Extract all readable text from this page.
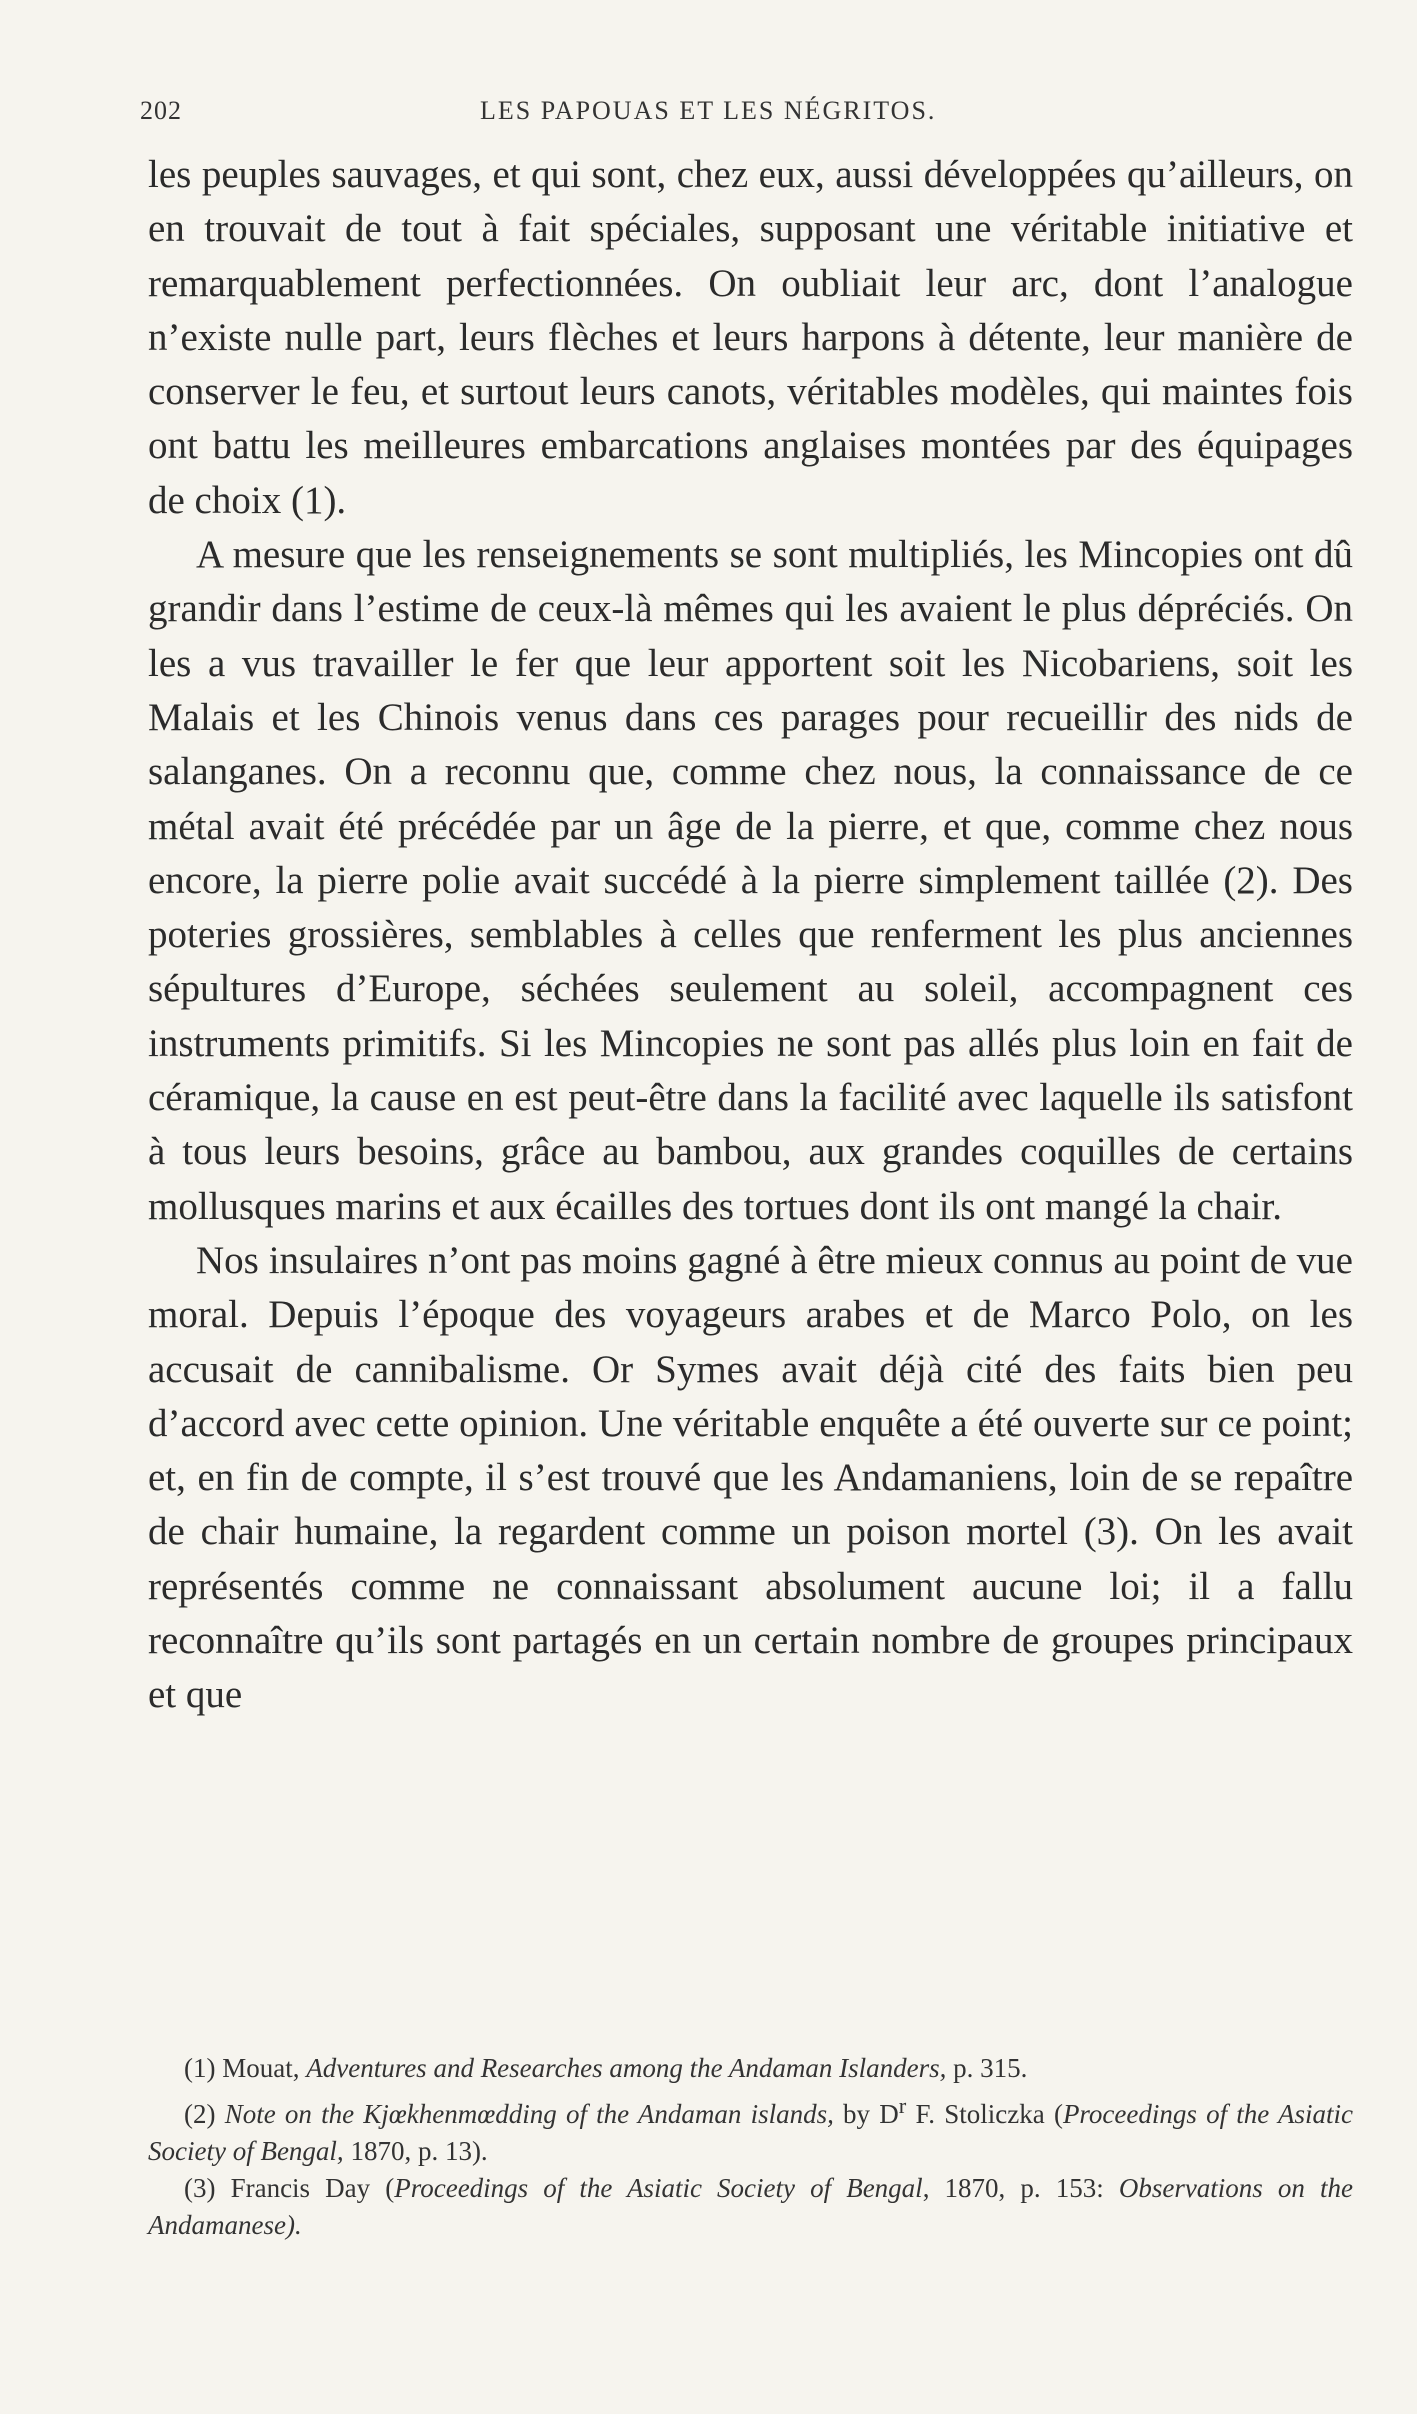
202	LES PAPOUAS ET LES NÉGRITOS.

les peuples sauvages, et qui sont, chez eux, aussi développées qu’ailleurs, on en trouvait de tout à fait spéciales, supposant une véritable initiative et remarquablement perfectionnées. On oubliait leur arc, dont l’analogue n’existe nulle part, leurs flèches et leurs harpons à détente, leur manière de conserver le feu, et surtout leurs canots, véritables modèles, qui maintes fois ont battu les meilleures embarcations anglaises montées par des équipages de choix (1).

A mesure que les renseignements se sont multipliés, les Mincopies ont dû grandir dans l’estime de ceux-là mêmes qui les avaient le plus dépréciés. On les a vus travailler le fer que leur apportent soit les Nicobariens, soit les Malais et les Chinois venus dans ces parages pour recueillir des nids de salanganes. On a reconnu que, comme chez nous, la connaissance de ce métal avait été précédée par un âge de la pierre, et que, comme chez nous encore, la pierre polie avait succédé à la pierre simplement taillée (2). Des poteries grossières, semblables à celles que renferment les plus anciennes sépultures d’Europe, séchées seulement au soleil, accompagnent ces instruments primitifs. Si les Mincopies ne sont pas allés plus loin en fait de céramique, la cause en est peut-être dans la facilité avec laquelle ils satisfont à tous leurs besoins, grâce au bambou, aux grandes coquilles de certains mollusques marins et aux écailles des tortues dont ils ont mangé la chair.

Nos insulaires n’ont pas moins gagné à être mieux connus au point de vue moral. Depuis l’époque des voyageurs arabes et de Marco Polo, on les accusait de cannibalisme. Or Symes avait déjà cité des faits bien peu d’accord avec cette opinion. Une véritable enquête a été ouverte sur ce point; et, en fin de compte, il s’est trouvé que les Andamaniens, loin de se repaître de chair humaine, la regardent comme un poison mortel (3). On les avait représentés comme ne connaissant absolument aucune loi; il a fallu reconnaître qu’ils sont partagés en un certain nombre de groupes principaux et que

(1) Mouat, Adventures and Researches among the Andaman Islanders, p. 315.

(2) Note on the Kjœkhenmœdding of the Andaman islands, by $D^r$ F. Stoliczka (Proceedings of the Asiatic Society of Bengal, 1870, p. 13).

(3) Francis Day (Proceedings of the Asiatic Society of Bengal, 1870, p. 153: Observations on the Andamanese).
